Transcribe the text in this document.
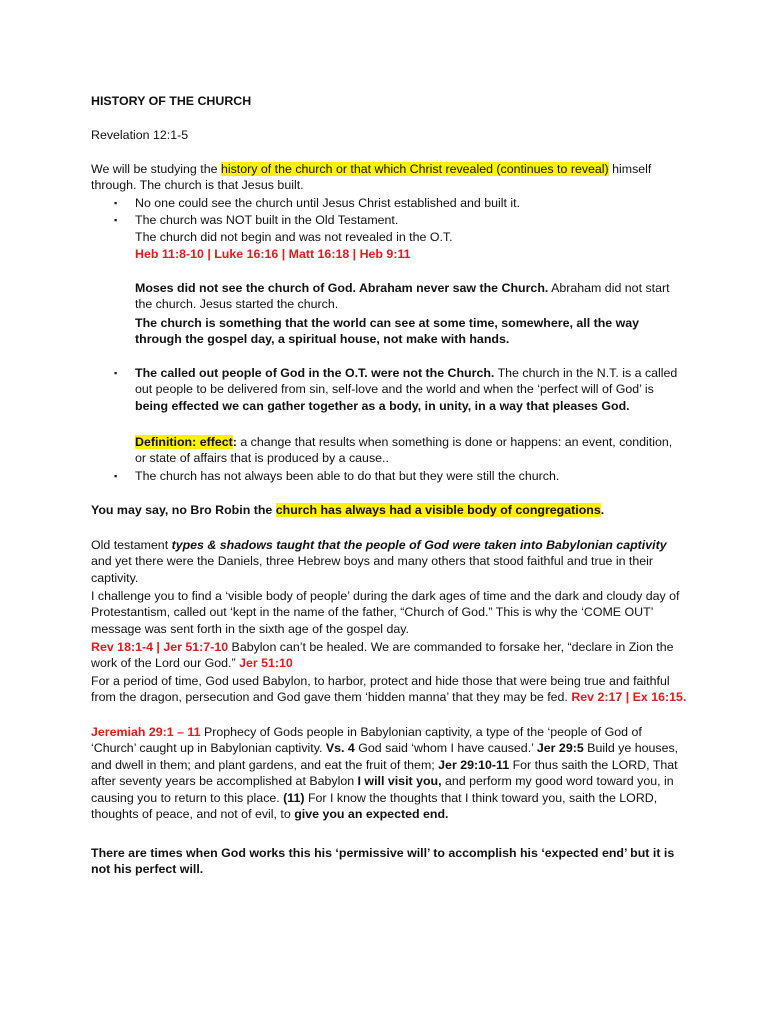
HISTORY OF THE CHURCH
Revelation 12:1-5
We will be studying the history of the church or that which Christ revealed (continues to reveal) himself through. The church is that Jesus built.
▪ No one could see the church until Jesus Christ established and built it.
▪ The church was NOT built in the Old Testament.
The church did not begin and was not revealed in the O.T.
Heb 11:8-10 | Luke 16:16 | Matt 16:18 | Heb 9:11
Moses did not see the church of God. Abraham never saw the Church. Abraham did not start the church. Jesus started the church.
The church is something that the world can see at some time, somewhere, all the way through the gospel day, a spiritual house, not make with hands.
▪ The called out people of God in the O.T. were not the Church. The church in the N.T. is a called out people to be delivered from sin, self-love and the world and when the ‘perfect will of God’ is being effected we can gather together as a body, in unity, in a way that pleases God.
Definition: effect: a change that results when something is done or happens: an event, condition, or state of affairs that is produced by a cause..
▪ The church has not always been able to do that but they were still the church.
You may say, no Bro Robin the church has always had a visible body of congregations.
Old testament types & shadows taught that the people of God were taken into Babylonian captivity and yet there were the Daniels, three Hebrew boys and many others that stood faithful and true in their captivity.
I challenge you to find a ‘visible body of people’ during the dark ages of time and the dark and cloudy day of Protestantism, called out ‘kept in the name of the father, “Church of God.” This is why the ‘COME OUT’ message was sent forth in the sixth age of the gospel day.
Rev 18:1-4 | Jer 51:7-10 Babylon can’t be healed. We are commanded to forsake her, “declare in Zion the work of the Lord our God.” Jer 51:10
For a period of time, God used Babylon, to harbor, protect and hide those that were being true and faithful from the dragon, persecution and God gave them ‘hidden manna’ that they may be fed. Rev 2:17 | Ex 16:15.
Jeremiah 29:1 – 11 Prophecy of Gods people in Babylonian captivity, a type of the ‘people of God of ‘Church’ caught up in Babylonian captivity. Vs. 4 God said ‘whom I have caused.’ Jer 29:5 Build ye houses, and dwell in them; and plant gardens, and eat the fruit of them; Jer 29:10-11 For thus saith the LORD, That after seventy years be accomplished at Babylon I will visit you, and perform my good word toward you, in causing you to return to this place. (11) For I know the thoughts that I think toward you, saith the LORD, thoughts of peace, and not of evil, to give you an expected end.
There are times when God works this his ‘permissive will’ to accomplish his ‘expected end’ but it is not his perfect will.
